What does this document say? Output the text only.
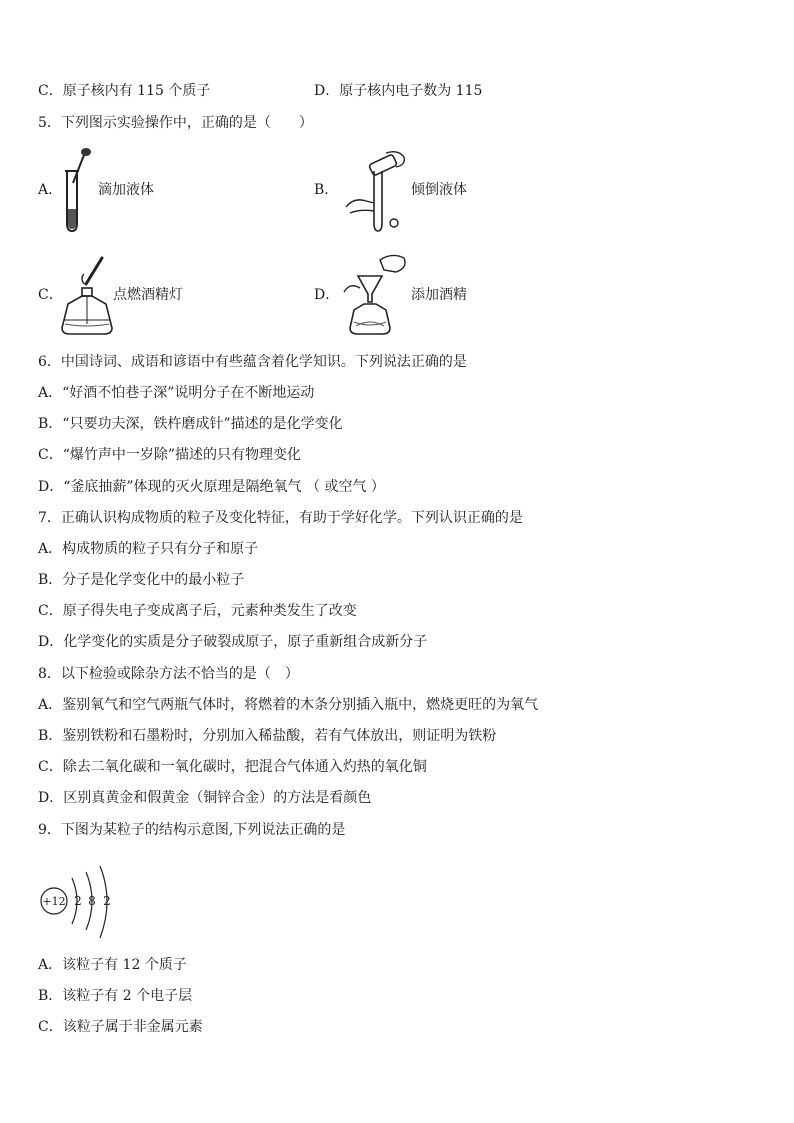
C．原子核内有 115 个质子	D．原子核内电子数为 115
5．下列图示实验操作中，正确的是（　　）
A．	滴加液体	B．	倾倒液体
C．	点燃酒精灯	D．	添加酒精
6．中国诗词、成语和谚语中有些蕴含着化学知识。下列说法正确的是
A．“好酒不怕巷子深”说明分子在不断地运动
B．“只要功夫深，铁杵磨成针”描述的是化学变化
C．“爆竹声中一岁除”描述的只有物理变化
D．“釜底抽薪”体现的灭火原理是隔绝氧气 （ 或空气 ）
7．正确认识构成物质的粒子及变化特征，有助于学好化学。下列认识正确的是
A．构成物质的粒子只有分子和原子
B．分子是化学变化中的最小粒子
C．原子得失电子变成离子后，元素种类发生了改变
D．化学变化的实质是分子破裂成原子，原子重新组合成新分子
8．以下检验或除杂方法不恰当的是（　）
A．鉴别氧气和空气两瓶气体时，将燃着的木条分别插入瓶中，燃烧更旺的为氧气
B．鉴别铁粉和石墨粉时，分别加入稀盐酸，若有气体放出，则证明为铁粉
C．除去二氧化碳和一氧化碳时，把混合气体通入灼热的氧化铜
D．区别真黄金和假黄金（铜锌合金）的方法是看颜色
9．下图为某粒子的结构示意图,下列说法正确的是
+12 2 8 2
A．该粒子有 12 个质子
B．该粒子有 2 个电子层
C．该粒子属于非金属元素
